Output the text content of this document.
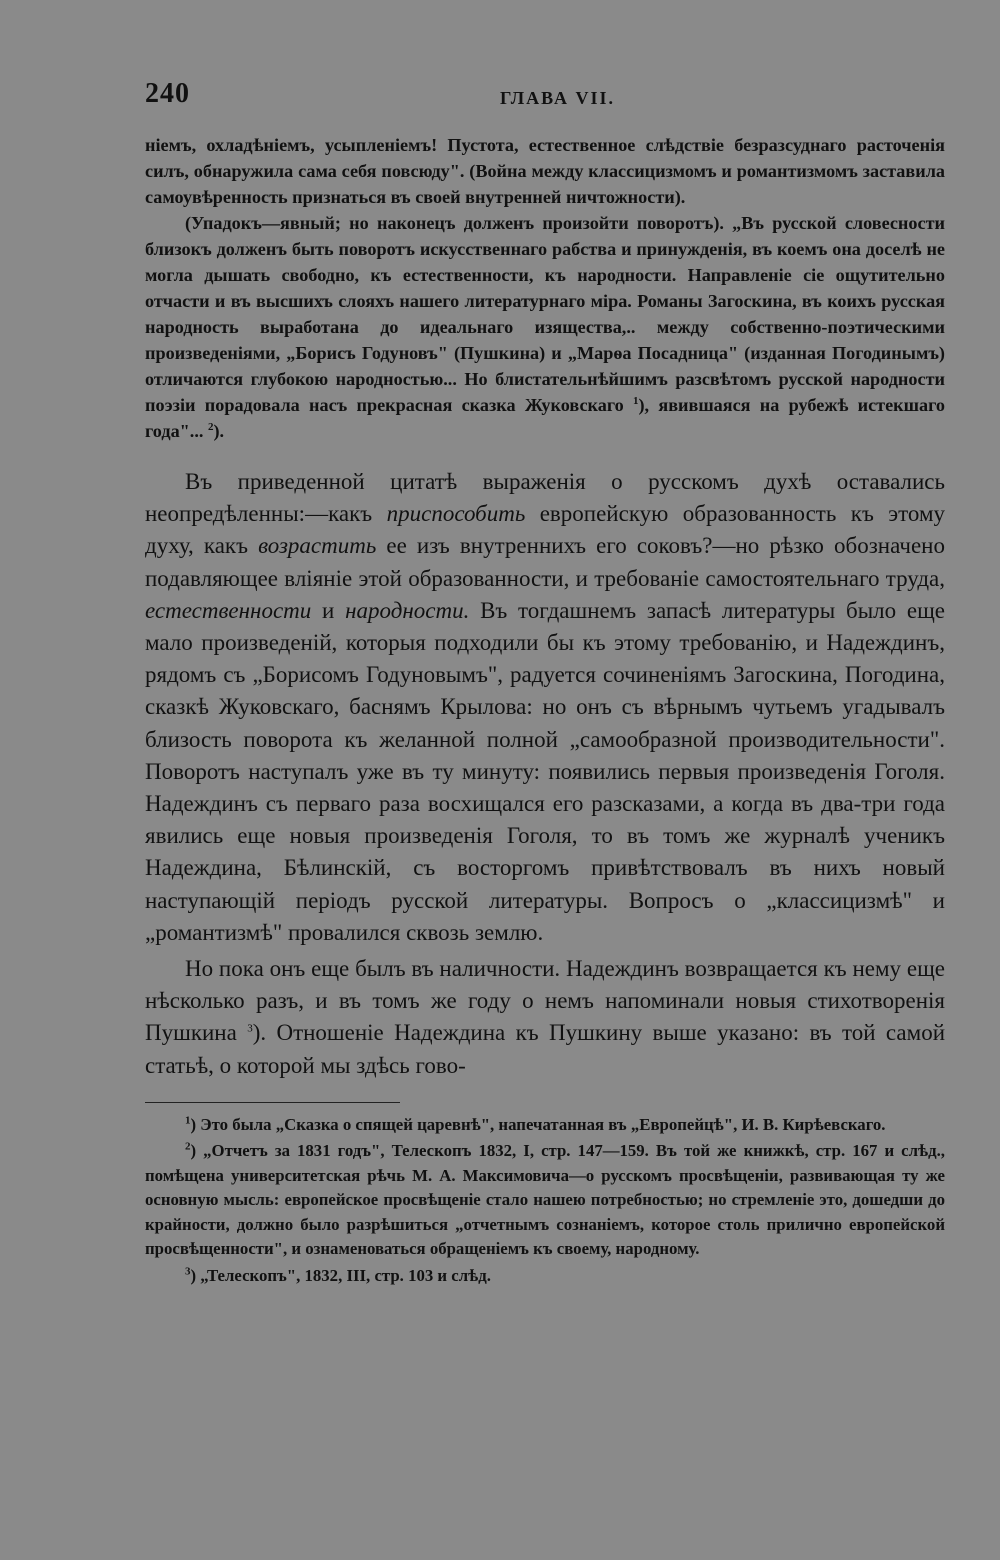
240	ГЛАВА VII.

ніемъ, охладѣніемъ, усыпленіемъ! Пустота, естественное слѣдствіе безразсуднаго расточенія силъ, обнаружила сама себя повсюду". (Война между классицизмомъ и романтизмомъ заставила самоувѣренность признаться въ своей внутренней ничтожности).

(Упадокъ—явный; но наконецъ долженъ произойти поворотъ). „Въ русской словесности близокъ долженъ быть поворотъ искусственнаго рабства и принужденія, въ коемъ она доселѣ не могла дышать свободно, къ естественности, къ народности. Направленіе сіе ощутительно отчасти и въ высшихъ слояхъ нашего литературнаго міра. Романы Загоскина, въ коихъ русская народность выработана до идеальнаго изящества,.. между собственно-поэтическими произведеніями, „Борисъ Годуновъ" (Пушкина) и „Марѳа Посадница" (изданная Погодинымъ) отличаются глубокою народностью... Но блистательнѣйшимъ разсвѣтомъ русской народности поэзіи порадовала насъ прекрасная сказка Жуковскаго $^1$), явившаяся на рубежѣ истекшаго года"... $^2$).

Въ приведенной цитатѣ выраженія о русскомъ духѣ оставались неопредѣленны:—какъ приспособить европейскую образованность къ этому духу, какъ возрастить ее изъ внутреннихъ его соковъ?—но рѣзко обозначено подавляющее вліяніе этой образованности, и требованіе самостоятельнаго труда, естественности и народности. Въ тогдашнемъ запасѣ литературы было еще мало произведеній, которыя подходили бы къ этому требованію, и Надеждинъ, рядомъ съ „Борисомъ Годуновымъ", радуется сочиненіямъ Загоскина, Погодина, сказкѣ Жуковскаго, баснямъ Крылова: но онъ съ вѣрнымъ чутьемъ угадывалъ близость поворота къ желанной полной „самообразной производительности". Поворотъ наступалъ уже въ ту минуту: появились первыя произведенія Гоголя. Надеждинъ съ перваго раза восхищался его разсказами, а когда въ два-три года явились еще новыя произведенія Гоголя, то въ томъ же журналѣ ученикъ Надеждина, Бѣлинскій, съ восторгомъ привѣтствовалъ въ нихъ новый наступающій періодъ русской литературы. Вопросъ о „классицизмѣ" и „романтизмѣ" провалился сквозь землю.

Но пока онъ еще былъ въ наличности. Надеждинъ возвращается къ нему еще нѣсколько разъ, и въ томъ же году о немъ напоминали новыя стихотворенія Пушкина $^3$). Отношеніе Надеждина къ Пушкину выше указано: въ той самой статьѣ, о которой мы здѣсь гово-

$^1$) Это была „Сказка о спящей царевнѣ", напечатанная въ „Европейцѣ", И. В. Кирѣевскаго.

$^2$) „Отчетъ за 1831 годъ", Телескопъ 1832, I, стр. 147—159. Въ той же книжкѣ, стр. 167 и слѣд., помѣщена университетская рѣчь М. А. Максимовича—о русскомъ просвѣщеніи, развивающая ту же основную мысль: европейское просвѣщеніе стало нашею потребностью; но стремленіе это, дошедши до крайности, должно было разрѣшиться „отчетнымъ сознаніемъ, которое столь прилично европейской просвѣщенности", и ознаменоваться обращеніемъ къ своему, народному.

$^3$) „Телескопъ", 1832, III, стр. 103 и слѣд.
